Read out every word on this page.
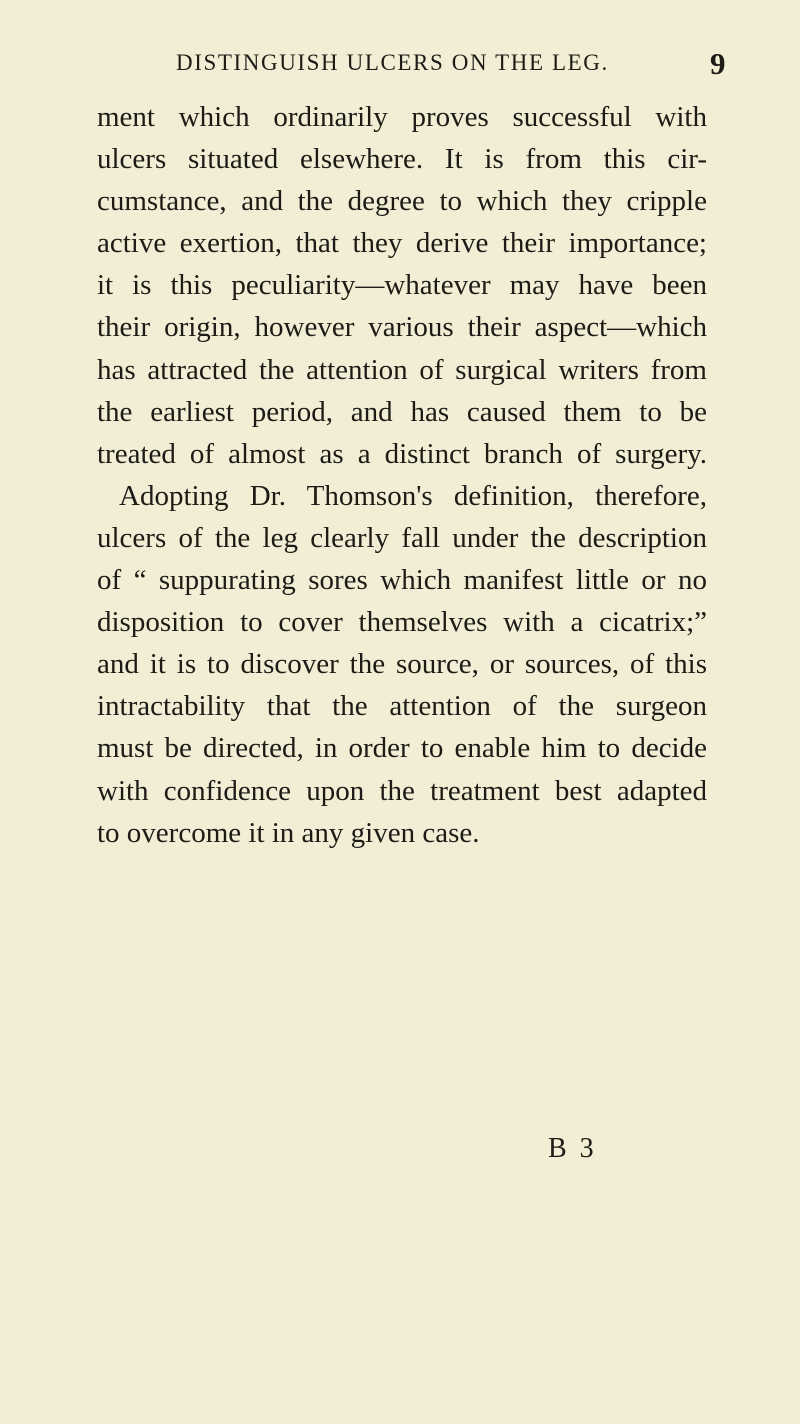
DISTINGUISH ULCERS ON THE LEG.	9
ment which ordinarily proves successful with
ulcers situated elsewhere. It is from this cir-
cumstance, and the degree to which they cripple
active exertion, that they derive their importance;
it is this peculiarity—whatever may have been
their origin, however various their aspect—which
has attracted the attention of surgical writers from
the earliest period, and has caused them to be
treated of almost as a distinct branch of surgery.
Adopting Dr. Thomson's definition, therefore,
ulcers of the leg clearly fall under the description
of “ suppurating sores which manifest little or no
disposition to cover themselves with a cicatrix;”
and it is to discover the source, or sources, of this
intractability that the attention of the surgeon
must be directed, in order to enable him to decide
with confidence upon the treatment best adapted
to overcome it in any given case.
B 3
